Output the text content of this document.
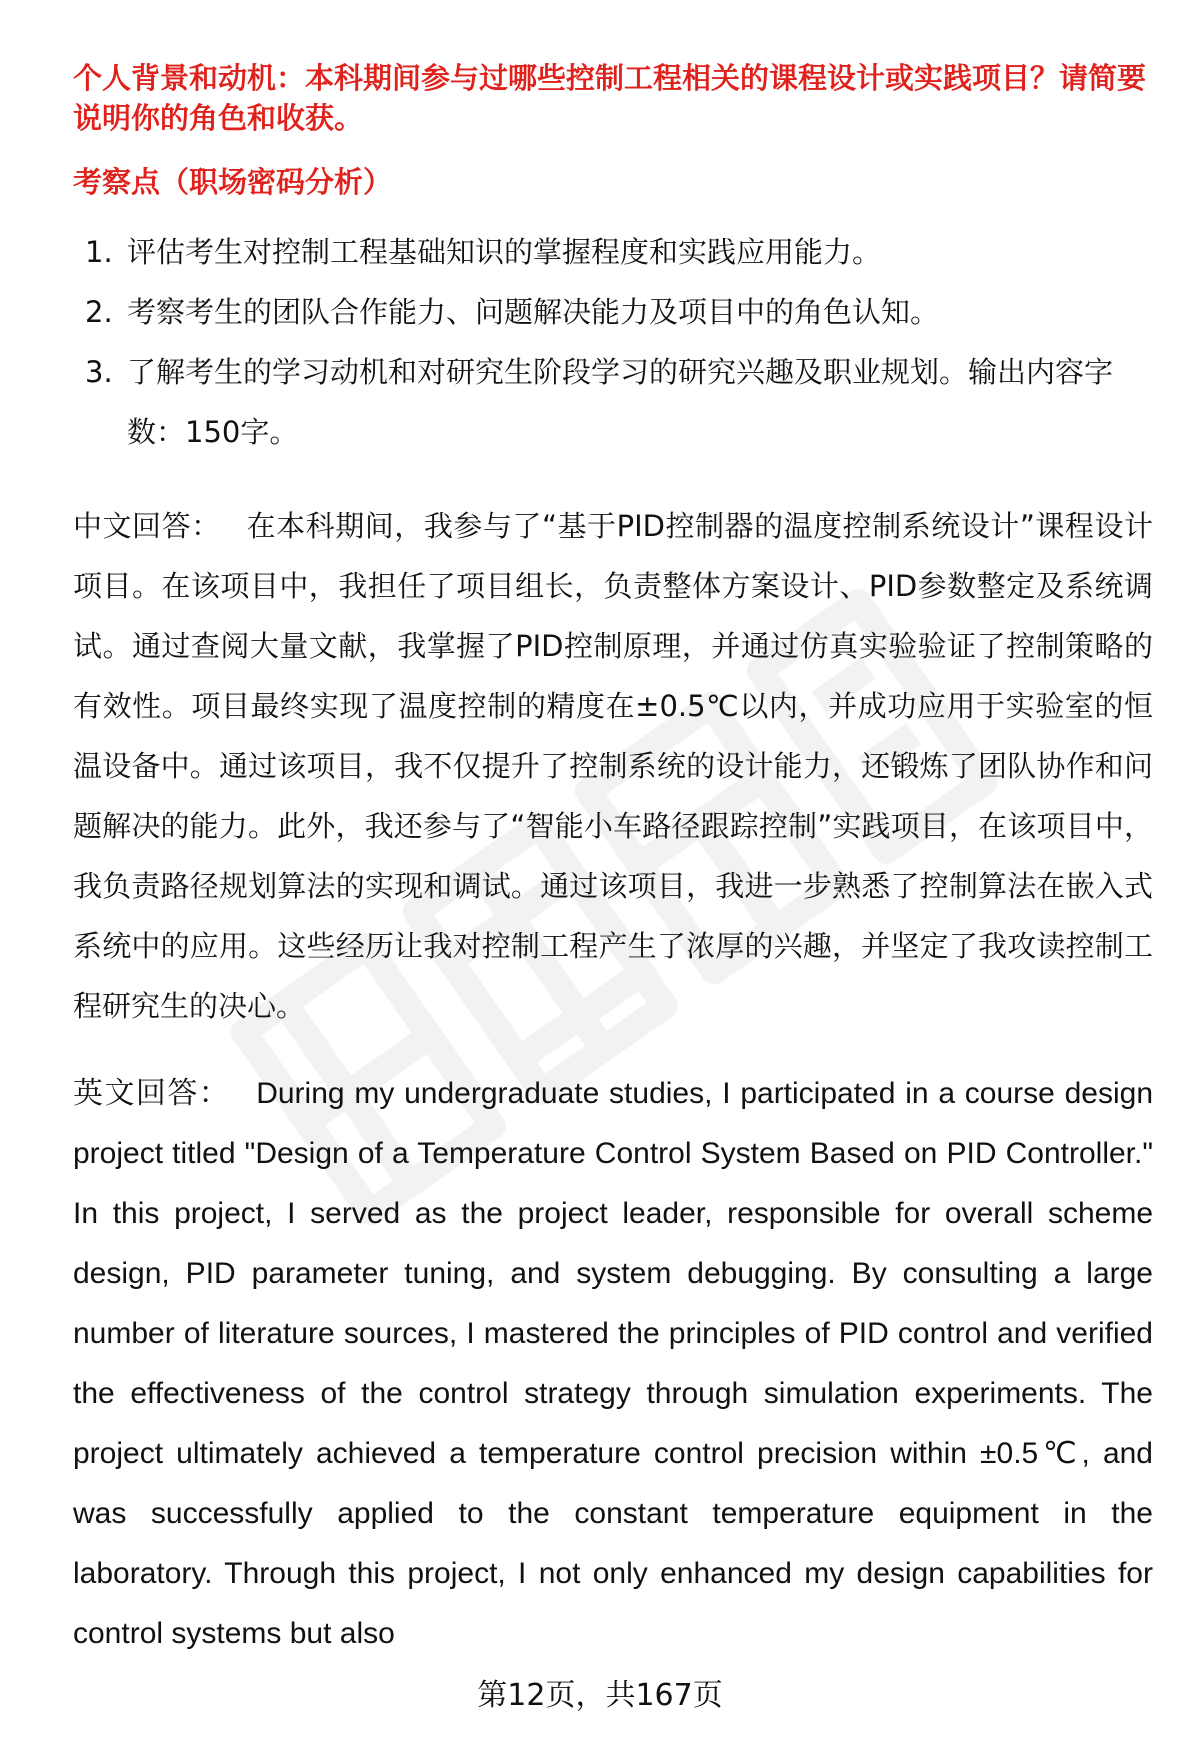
个人背景和动机：本科期间参与过哪些控制工程相关的课程设计或实践项目？请简要说明你的角色和收获。

考察点（职场密码分析）

1. 评估考生对控制工程基础知识的掌握程度和实践应用能力。
2. 考察考生的团队合作能力、问题解决能力及项目中的角色认知。
3. 了解考生的学习动机和对研究生阶段学习的研究兴趣及职业规划。输出内容字数：150字。

中文回答： 在本科期间，我参与了“基于PID控制器的温度控制系统设计”课程设计项目。在该项目中，我担任了项目组长，负责整体方案设计、PID参数整定及系统调试。通过查阅大量文献，我掌握了PID控制原理，并通过仿真实验验证了控制策略的有效性。项目最终实现了温度控制的精度在±0.5℃以内，并成功应用于实验室的恒温设备中。通过该项目，我不仅提升了控制系统的设计能力，还锻炼了团队协作和问题解决的能力。此外，我还参与了“智能小车路径跟踪控制”实践项目，在该项目中，我负责路径规划算法的实现和调试。通过该项目，我进一步熟悉了控制算法在嵌入式系统中的应用。这些经历让我对控制工程产生了浓厚的兴趣，并坚定了我攻读控制工程研究生的决心。

英文回答： During my undergraduate studies, I participated in a course design project titled "Design of a Temperature Control System Based on PID Controller." In this project, I served as the project leader, responsible for overall scheme design, PID parameter tuning, and system debugging. By consulting a large number of literature sources, I mastered the principles of PID control and verified the effectiveness of the control strategy through simulation experiments. The project ultimately achieved a temperature control precision within ±0.5℃, and was successfully applied to the constant temperature equipment in the laboratory. Through this project, I not only enhanced my design capabilities for control systems but also

第12页，共167页
